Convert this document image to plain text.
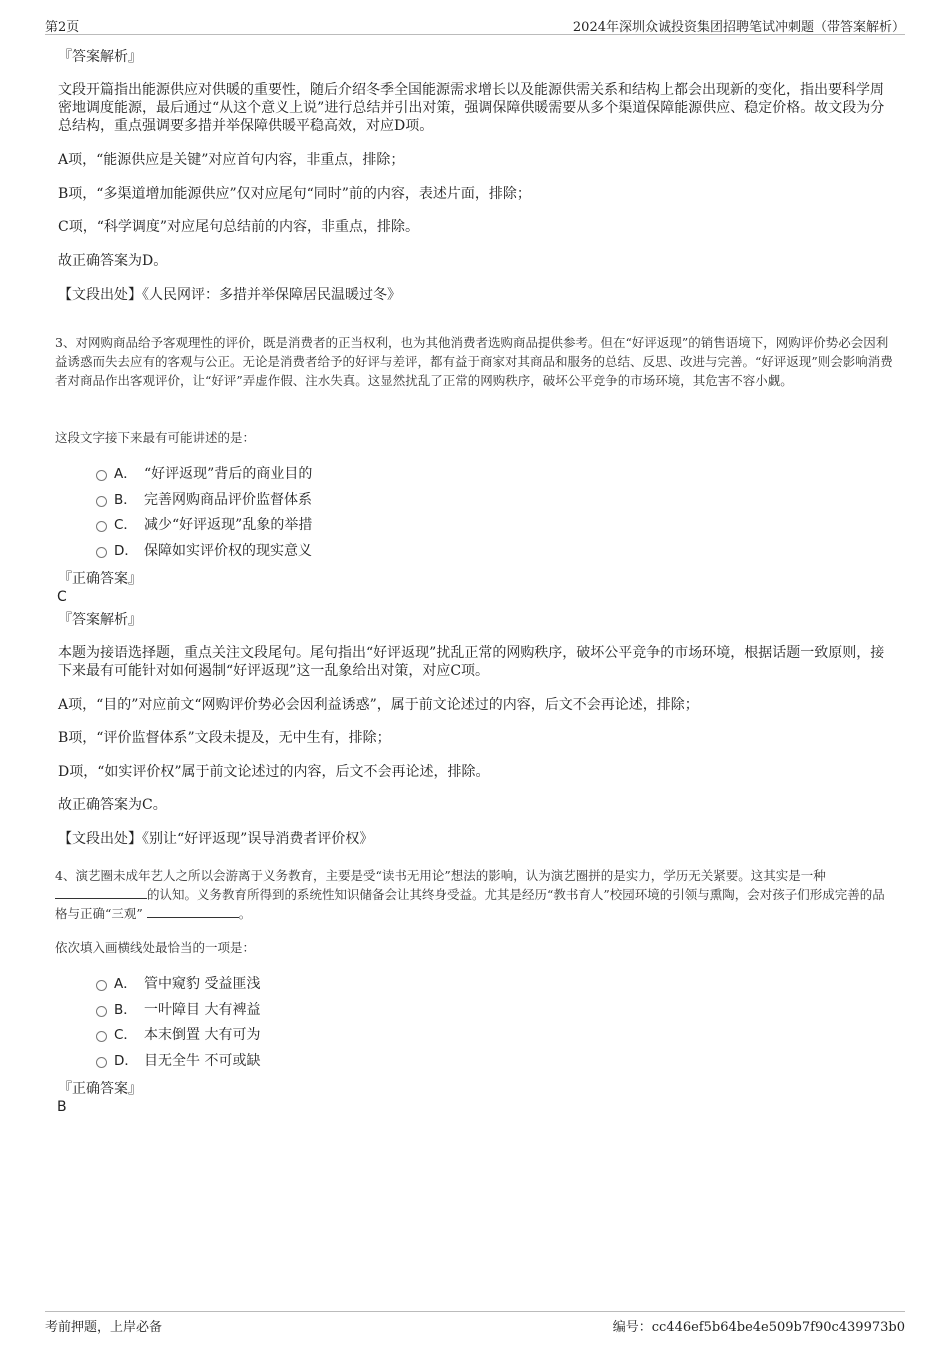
第2页	2024年深圳众诚投资集团招聘笔试冲刺题（带答案解析）

『答案解析』

文段开篇指出能源供应对供暖的重要性，随后介绍冬季全国能源需求增长以及能源供需关系和结构上都会出现新的变化，指出要科学周密地调度能源，最后通过“从这个意义上说”进行总结并引出对策，强调保障供暖需要从多个渠道保障能源供应、稳定价格。故文段为分总结构，重点强调要多措并举保障供暖平稳高效，对应D项。

A项，“能源供应是关键”对应首句内容，非重点，排除；

B项，“多渠道增加能源供应”仅对应尾句“同时”前的内容，表述片面，排除；

C项，“科学调度”对应尾句总结前的内容，非重点，排除。

故正确答案为D。

【文段出处】《人民网评：多措并举保障居民温暖过冬》

3、对网购商品给予客观理性的评价，既是消费者的正当权利，也为其他消费者选购商品提供参考。但在“好评返现”的销售语境下，网购评价势必会因利益诱惑而失去应有的客观与公正。无论是消费者给予的好评与差评，都有益于商家对其商品和服务的总结、反思、改进与完善。“好评返现”则会影响消费者对商品作出客观评价，让“好评”弄虚作假、注水失真。这显然扰乱了正常的网购秩序，破坏公平竞争的市场环境，其危害不容小觑。

这段文字接下来最有可能讲述的是：

A． “好评返现”背后的商业目的
B． 完善网购商品评价监督体系
C． 减少“好评返现”乱象的举措
D． 保障如实评价权的现实意义

『正确答案』

C

『答案解析』

本题为接语选择题，重点关注文段尾句。尾句指出“好评返现”扰乱正常的网购秩序，破坏公平竞争的市场环境，根据话题一致原则，接下来最有可能针对如何遏制“好评返现”这一乱象给出对策，对应C项。

A项，“目的”对应前文“网购评价势必会因利益诱惑”，属于前文论述过的内容，后文不会再论述，排除；

B项，“评价监督体系”文段未提及，无中生有，排除；

D项，“如实评价权”属于前文论述过的内容，后文不会再论述，排除。

故正确答案为C。

【文段出处】《别让“好评返现”误导消费者评价权》

4、演艺圈未成年艺人之所以会游离于义务教育，主要是受“读书无用论”想法的影响，认为演艺圈拼的是实力，学历无关紧要。这其实是一种的认知。义务教育所得到的系统性知识储备会让其终身受益。尤其是经历“教书育人”校园环境的引领与熏陶，会对孩子们形成完善的品格与正确“三观”	。

依次填入画横线处最恰当的一项是：

A． 管中窥豹 受益匪浅
B． 一叶障目 大有裨益
C． 本末倒置 大有可为
D． 目无全牛 不可或缺

『正确答案』

B
考前押题，上岸必备	编号：cc446ef5b64be4e509b7f90c439973b0
